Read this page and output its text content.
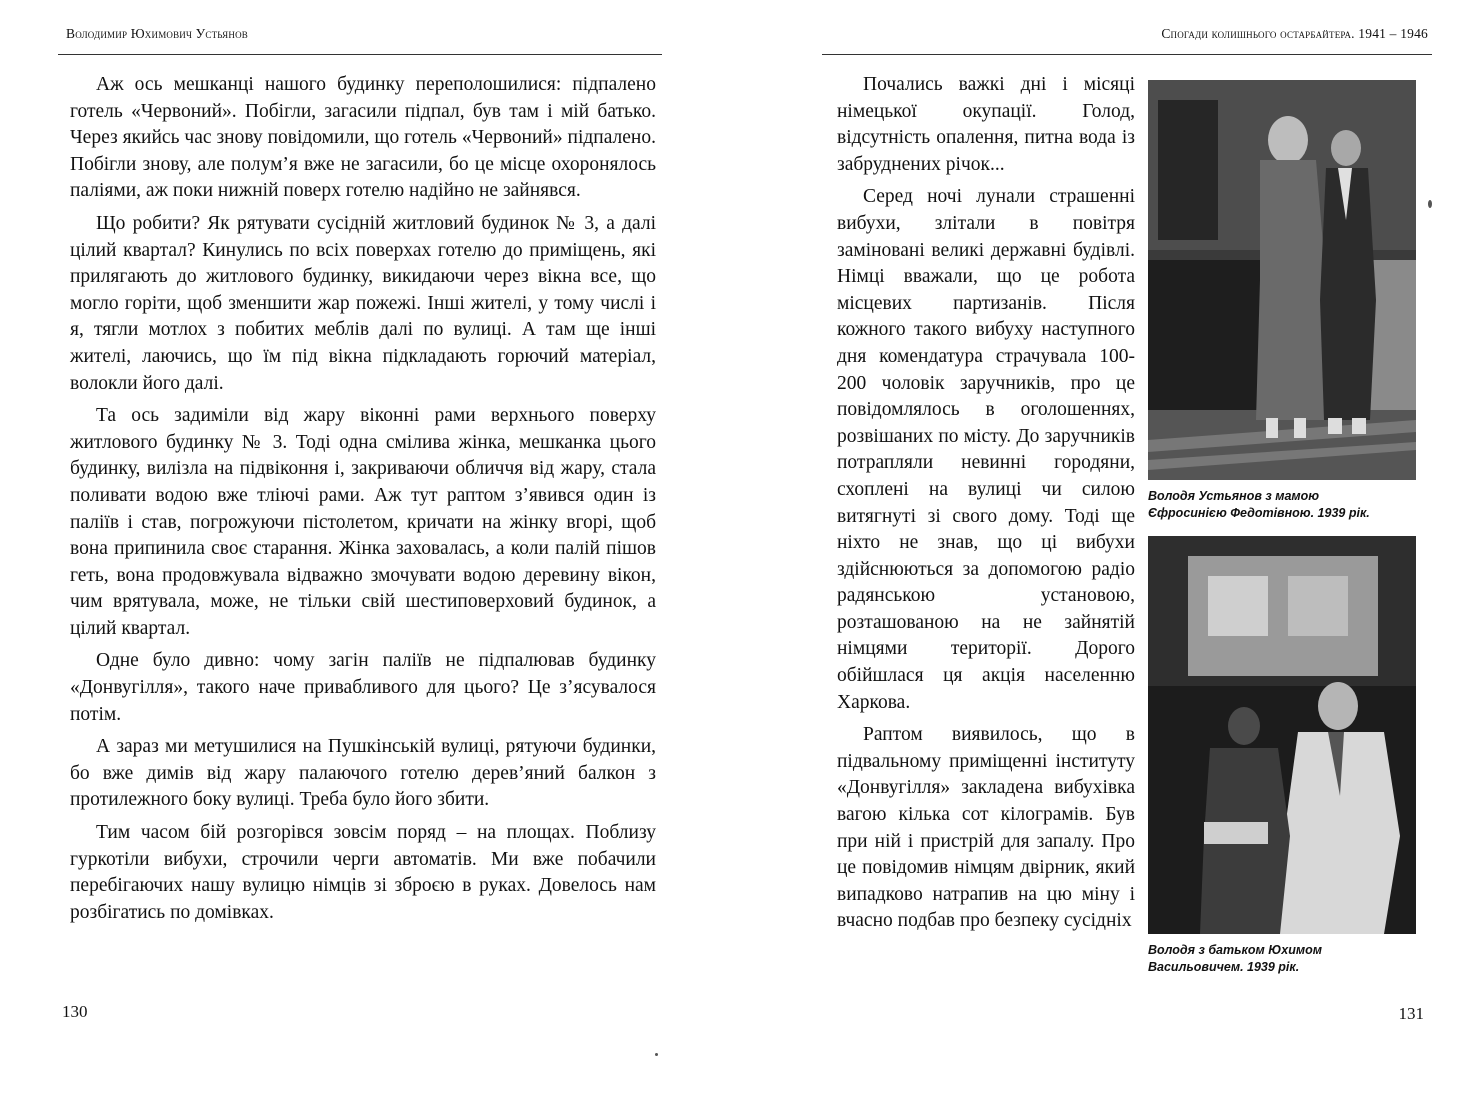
Володимир Юхимович Устьянов

Аж ось мешканці нашого будинку переполошилися: підпалено готель «Червоний». Побігли, загасили підпал, був там і мій батько. Через якийсь час знову повідомили, що готель «Червоний» підпалено. Побігли знову, але полум’я вже не загасили, бо це місце охоронялось паліями, аж поки нижній поверх готелю надійно не зайнявся.

Що робити? Як рятувати сусідній житловий будинок № 3, а далі цілий квартал? Кинулись по всіх поверхах готелю до приміщень, які прилягають до житлового будинку, викидаючи через вікна все, що могло горіти, щоб зменшити жар пожежі. Інші жителі, у тому числі і я, тягли мотлох з побитих меблів далі по вулиці. А там ще інші жителі, лаючись, що їм під вікна підкладають горючий матеріал, волокли його далі.

Та ось задиміли від жару віконні рами верхнього поверху житлового будинку № 3. Тоді одна смілива жінка, мешканка цього будинку, вилізла на підвіконня і, закриваючи обличчя від жару, стала поливати водою вже тліючі рами. Аж тут раптом з’явився один із паліїв і став, погрожуючи пістолетом, кричати на жінку вгорі, щоб вона припинила своє старання. Жінка заховалась, а коли палій пішов геть, вона продовжувала відважно змочувати водою деревину вікон, чим врятувала, може, не тільки свій шестиповерховий будинок, а цілий квартал.

Одне було дивно: чому загін паліїв не підпалював будинку «Донвугілля», такого наче привабливого для цього? Це з’ясувалося потім.

А зараз ми метушилися на Пушкінській вулиці, рятуючи будинки, бо вже димів від жару палаючого готелю дерев’яний балкон з протилежного боку вулиці. Треба було його збити.

Тим часом бій розгорівся зовсім поряд – на площах. Поблизу гуркотіли вибухи, строчили черги автоматів. Ми вже побачили перебігаючих нашу вулицю німців зі зброєю в руках. Довелось нам розбігатись по домівках.

130
Спогади колишнього остарбайтера. 1941 – 1946

Почались важкі дні і місяці німецької окупації. Голод, відсутність опалення, питна вода із забруднених річок...

Серед ночі лунали страшенні вибухи, злітали в повітря заміновані великі державні будівлі. Німці вважали, що це робота місцевих партизанів. Після кожного такого вибуху наступного дня комендатура страчувала 100-200 чоловік заручників, про це повідомлялось в оголошеннях, розвішаних по місту. До заручників потрапляли невинні городяни, схоплені на вулиці чи силою витягнуті зі свого дому. Тоді ще ніхто не знав, що ці вибухи здійснюються за допомогою радіо радянською установою, розташованою на не зайнятій німцями території. Дорого обійшлася ця акція населенню Харкова.

Раптом виявилось, що в підвальному приміщенні інституту «Донвугілля» закладена вибухівка вагою кілька сот кілограмів. Був при ній і пристрій для запалу. Про це повідомив німцям двірник, який випадково натрапив на цю міну і вчасно подбав про безпеку сусідніх

Володя Устьянов з мамою
Єфросинією Федотівною. 1939 рік.

Володя з батьком Юхимом
Васильовичем. 1939 рік.

131
